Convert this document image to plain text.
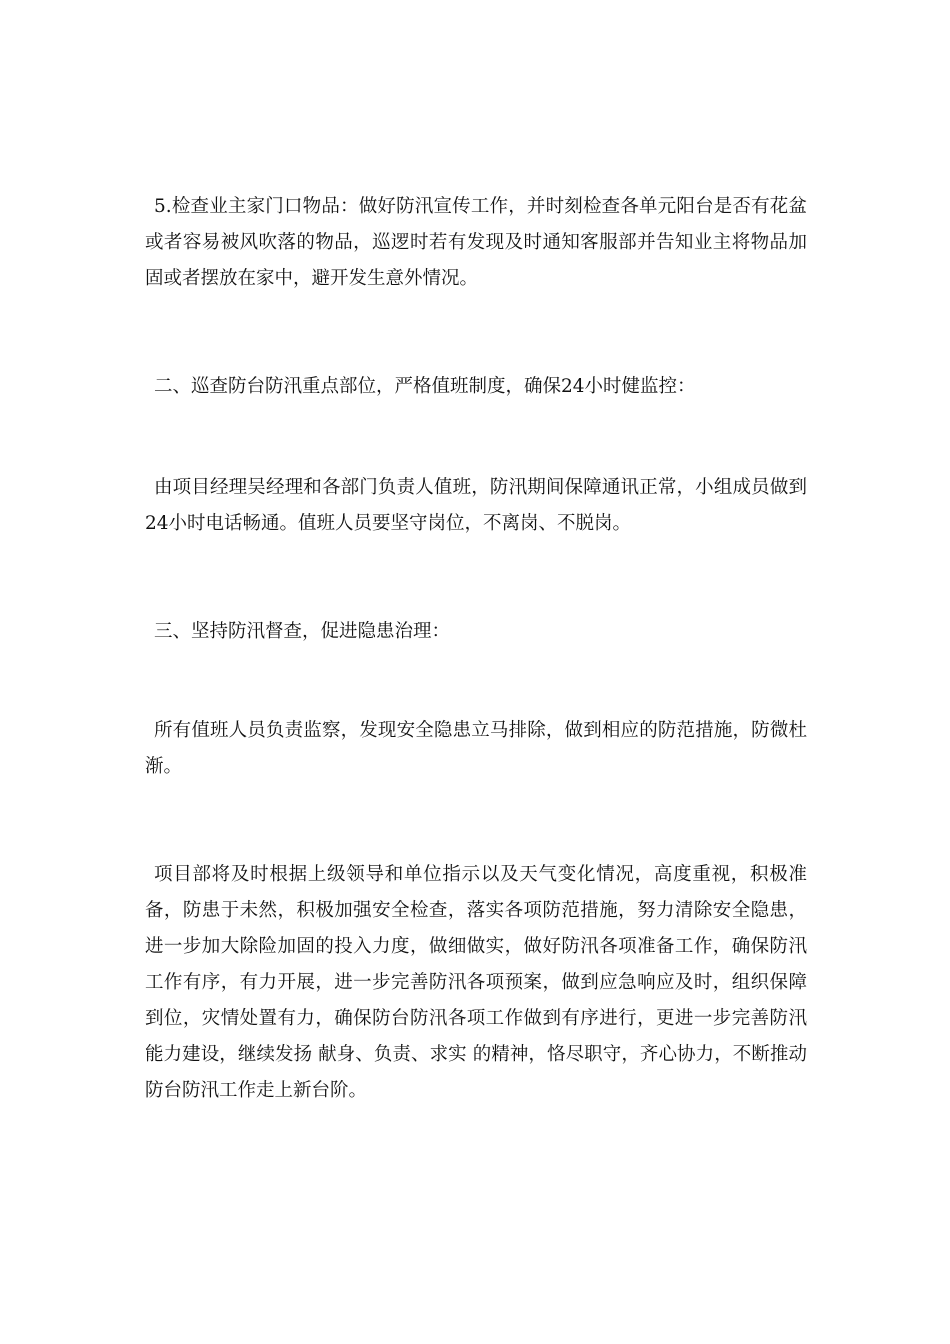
5.检查业主家门口物品：做好防汛宣传工作，并时刻检查各单元阳台是否有花盆或者容易被风吹落的物品，巡逻时若有发现及时通知客服部并告知业主将物品加固或者摆放在家中，避开发生意外情况。

二、巡查防台防汛重点部位，严格值班制度，确保24小时健监控：

由项目经理吴经理和各部门负责人值班，防汛期间保障通讯正常，小组成员做到24小时电话畅通。值班人员要坚守岗位，不离岗、不脱岗。

三、坚持防汛督查，促进隐患治理：

所有值班人员负责监察，发现安全隐患立马排除，做到相应的防范措施，防微杜渐。

项目部将及时根据上级领导和单位指示以及天气变化情况，高度重视，积极准备，防患于未然，积极加强安全检查，落实各项防范措施，努力清除安全隐患，进一步加大除险加固的投入力度，做细做实，做好防汛各项准备工作，确保防汛工作有序，有力开展，进一步完善防汛各项预案，做到应急响应及时，组织保障到位，灾情处置有力，确保防台防汛各项工作做到有序进行，更进一步完善防汛能力建设，继续发扬 献身、负责、求实 的精神，恪尽职守，齐心协力，不断推动防台防汛工作走上新台阶。
